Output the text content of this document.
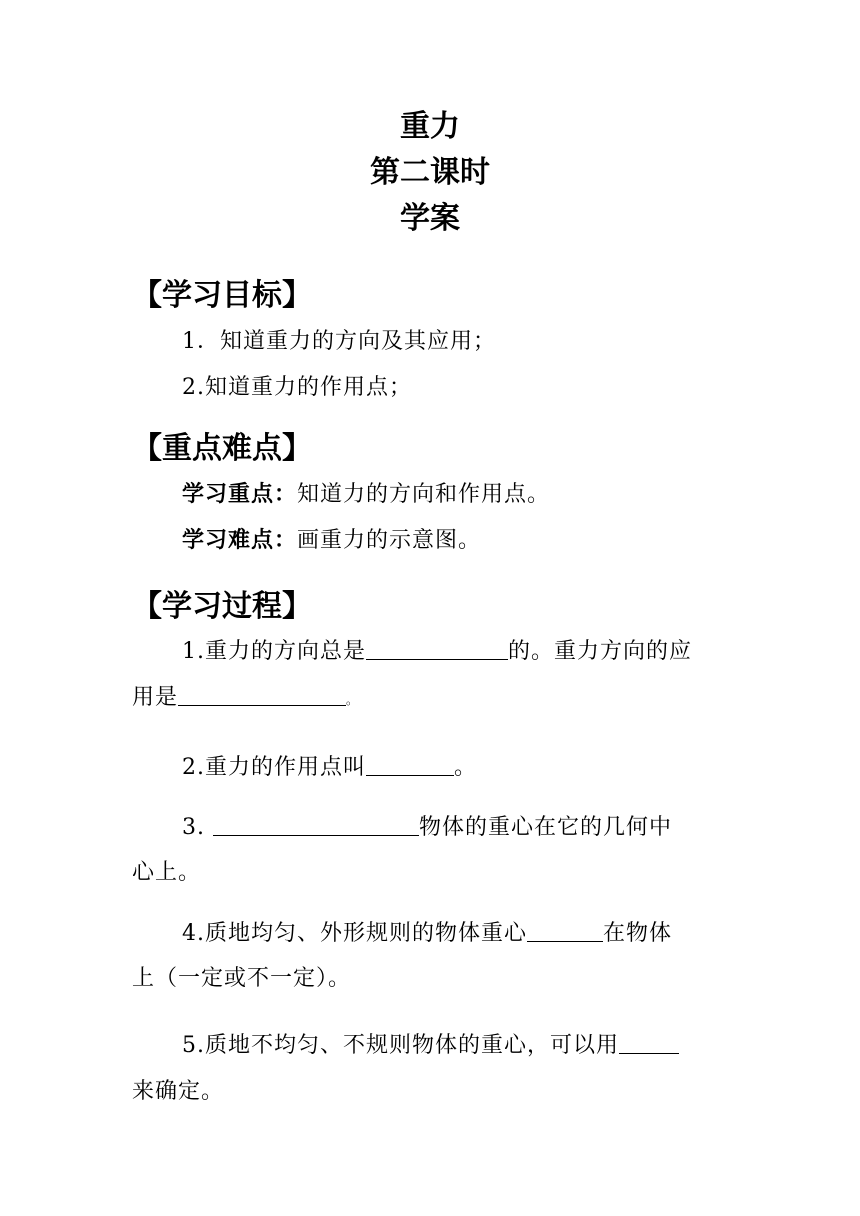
重力
第二课时
学案
【学习目标】
1．知道重力的方向及其应用；
2.知道重力的作用点；
【重点难点】
学习重点：知道力的方向和作用点。
学习难点：画重力的示意图。
【学习过程】
1.重力的方向总是	的。重力方向的应
用是	。
2.重力的作用点叫	。
3.	物体的重心在它的几何中
心上。
4.质地均匀、外形规则的物体重心	在物体
上（一定或不一定）。
5.质地不均匀、不规则物体的重心，可以用
来确定。
